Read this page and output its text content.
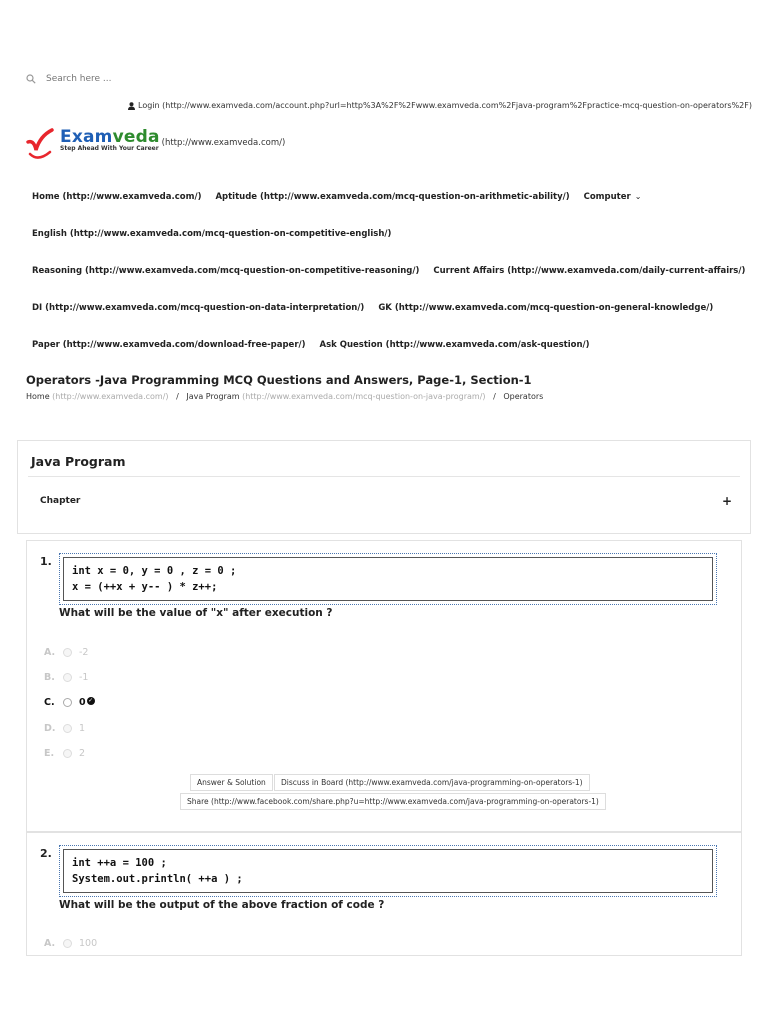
Search here ...
Login (http://www.examveda.com/account.php?url=http%3A%2F%2Fwww.examveda.com%2Fjava-program%2Fpractice-mcq-question-on-operators%2F)
Examveda
Step Ahead With Your Career
(http://www.examveda.com/)
Home (http://www.examveda.com/) Aptitude (http://www.examveda.com/mcq-question-on-arithmetic-ability/) Computer ⌄
English (http://www.examveda.com/mcq-question-on-competitive-english/)
Reasoning (http://www.examveda.com/mcq-question-on-competitive-reasoning/) Current Affairs (http://www.examveda.com/daily-current-affairs/)
DI (http://www.examveda.com/mcq-question-on-data-interpretation/) GK (http://www.examveda.com/mcq-question-on-general-knowledge/)
Paper (http://www.examveda.com/download-free-paper/) Ask Question (http://www.examveda.com/ask-question/)
Operators -Java Programming MCQ Questions and Answers, Page-1, Section-1
Home (http://www.examveda.com/) / Java Program (http://www.examveda.com/mcq-question-on-java-program/) / Operators
Java Program
Chapter	+
1.
int x = 0, y = 0 , z = 0 ;
x = (++x + y-- ) * z++;
What will be the value of "x" after execution ?
A.	-2
B.	-1
C.	0 ✓
D. 1
E.	2
Answer & Solution	Discuss in Board (http://www.examveda.com/java-programming-on-operators-1)
Share (http://www.facebook.com/share.php?u=http://www.examveda.com/java-programming-on-operators-1)
2.
int ++a = 100 ;
System.out.println( ++a ) ;
What will be the output of the above fraction of code ?
A.	100
